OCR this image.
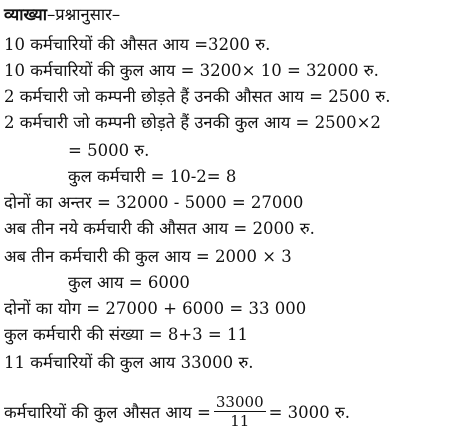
व्याख्या–प्रश्नानुसार–
10 कर्मचारियों की औसत आय =3200 रु.
10 कर्मचारियों की कुल आय = 3200× 10 = 32000 रु.
2 कर्मचारी जो कम्पनी छोड़ते हैं उनकी औसत आय = 2500 रु.
2 कर्मचारी जो कम्पनी छोड़ते हैं उनकी कुल आय = 2500×2
= 5000 रु.
कुल कर्मचारी = 10-2= 8
दोनों का अन्तर = 32000 - 5000 = 27000
अब तीन नये कर्मचारी की औसत आय = 2000 रु.
अब तीन कर्मचारी की कुल आय = 2000 × 3
कुल आय = 6000
दोनों का योग = 27000 + 6000 = 33 000
कुल कर्मचारी की संख्या = 8+3 = 11
11 कर्मचारियों की कुल आय 33000 रु.
कर्मचारियों की कुल औसत आय = $\frac{33000}{11} = 3000$ रु.
